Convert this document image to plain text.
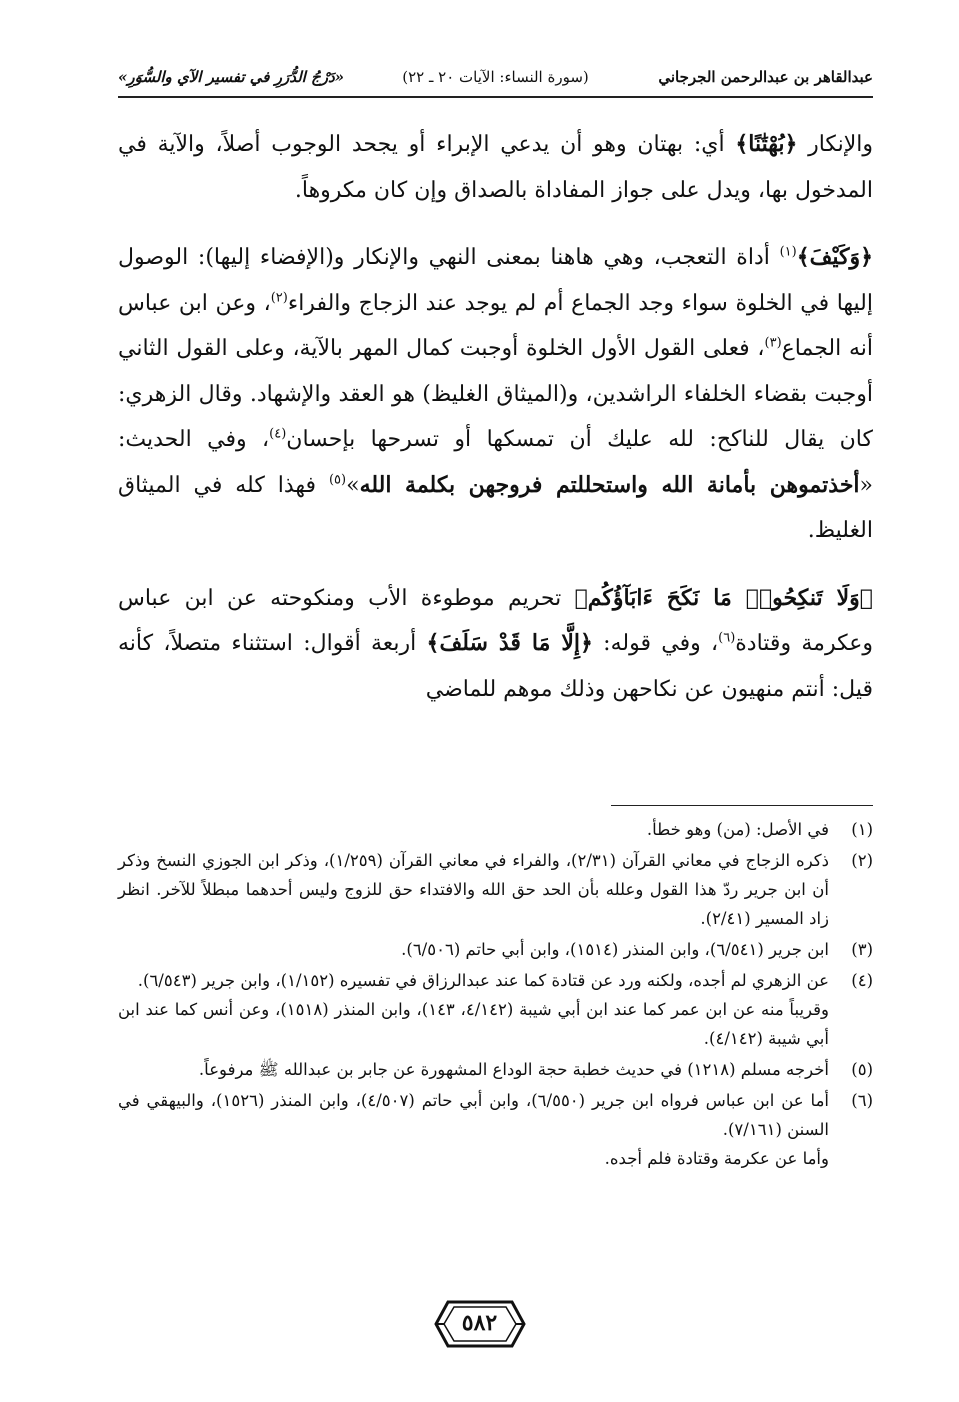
عبدالقاهر بن عبدالرحمن الجرجاني
(سورة النساء: الآيات ٢٠ ـ ٢٢)
«دَرْجُ الدُّرَرِ في تفسير الآي والسُّوَرِ»

والإنكار ﴿بُهْتَٰنًا﴾ أي: بهتان وهو أن يدعي الإبراء أو يجحد الوجوب أصلاً، والآية في المدخول بها، ويدل على جواز المفاداة بالصداق وإن كان مكروهاً.

﴿وَكَيْفَ﴾$^{(١)}$ أداة التعجب، وهي هاهنا بمعنى النهي والإنكار و(الإفضاء إليها): الوصول إليها في الخلوة سواء وجد الجماع أم لم يوجد عند الزجاج والفراء$^{(٢)}$، وعن ابن عباس أنه الجماع$^{(٣)}$، فعلى القول الأول الخلوة أوجبت كمال المهر بالآية، وعلى القول الثاني أوجبت بقضاء الخلفاء الراشدين، و(الميثاق الغليظ) هو العقد والإشهاد. وقال الزهري: كان يقال للناكح: لله عليك أن تمسكها أو تسرحها بإحسان$^{(٤)}$، وفي الحديث: «أخذتموهن بأمانة الله واستحللتم فروجهن بكلمة الله»$^{(٥)}$ فهذا كله في الميثاق الغليظ.

﴿وَلَا تَنكِحُوا۟ مَا نَكَحَ ءَابَآؤُكُم﴾ تحريم موطوءة الأب ومنكوحته عن ابن عباس وعكرمة وقتادة$^{(٦)}$، وفي قوله: ﴿إِلَّا مَا قَدْ سَلَفَ﴾ أربعة أقوال: استثناء متصلاً، كأنه قيل: أنتم منهيون عن نكاحهن وذلك موهم للماضي

(١)
في الأصل: (من) وهو خطأ.
(٢)
ذكره الزجاج في معاني القرآن (٢/٣١)، والفراء في معاني القرآن (١/٢٥٩)، وذكر ابن الجوزي النسخ وذكر أن ابن جرير ردّ هذا القول وعلله بأن الحد حق الله والافتداء حق للزوج وليس أحدهما مبطلاً للآخر. انظر زاد المسير (٢/٤١).
(٣)
ابن جرير (٦/٥٤١)، وابن المنذر (١٥١٤)، وابن أبي حاتم (٦/٥٠٦).
(٤)
عن الزهري لم أجده، ولكنه ورد عن قتادة كما عند عبدالرزاق في تفسيره (١/١٥٢)، وابن جرير (٦/٥٤٣).
وقريباً منه عن ابن عمر كما عند ابن أبي شيبة (٤/١٤٢، ١٤٣)، وابن المنذر (١٥١٨)، وعن أنس كما عند ابن أبي شيبة (٤/١٤٢).
(٥)
أخرجه مسلم (١٢١٨) في حديث خطبة حجة الوداع المشهورة عن جابر بن عبدالله ﷺ مرفوعاً.
(٦)
أما عن ابن عباس فرواه ابن جرير (٦/٥٥٠)، وابن أبي حاتم (٤/٥٠٧)، وابن المنذر (١٥٢٦)، والبيهقي في السنن (٧/١٦١).
وأما عن عكرمة وقتادة فلم أجده.
٥٨٢
